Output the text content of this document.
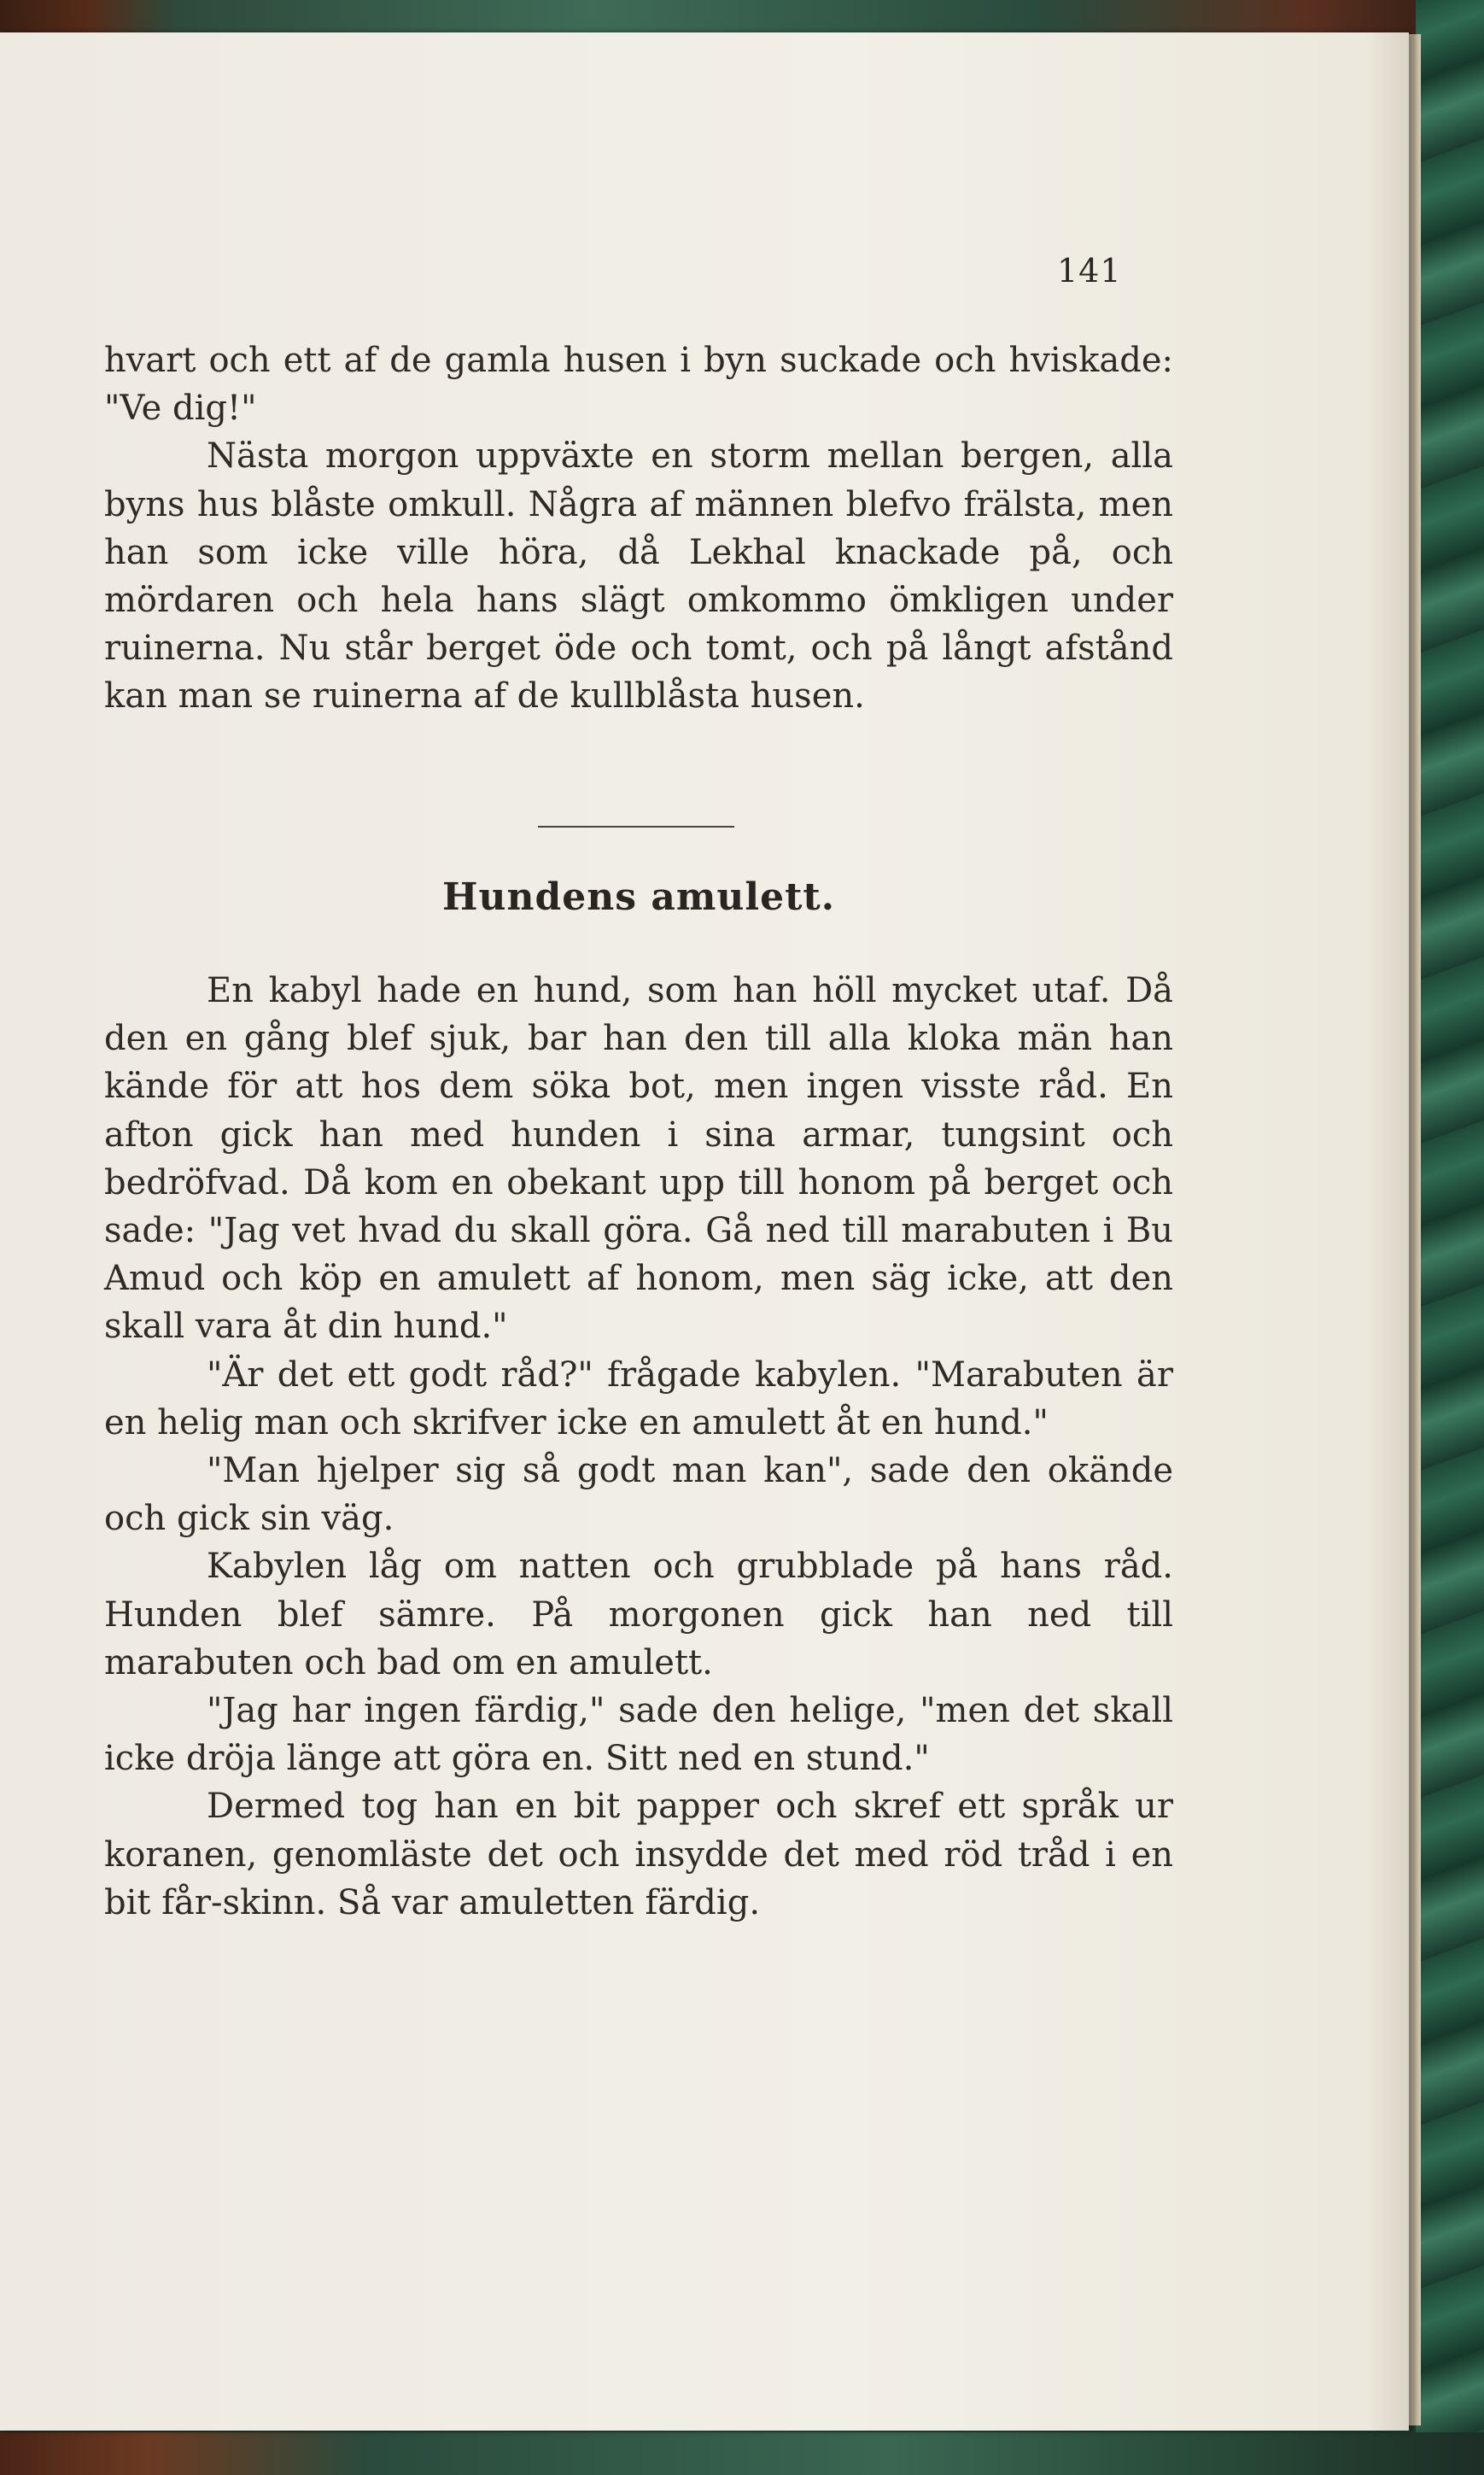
141

hvart och ett af de gamla husen i byn suckade och hviskade: "Ve dig!"

Nästa morgon uppväxte en storm mellan bergen, alla byns hus blåste omkull. Några af männen blefvo frälsta, men han som icke ville höra, då Lekhal knackade på, och mördaren och hela hans slägt omkommo ömkligen under ruinerna. Nu står berget öde och tomt, och på långt afstånd kan man se ruinerna af de kullblåsta husen.

Hundens amulett.

En kabyl hade en hund, som han höll mycket utaf. Då den en gång blef sjuk, bar han den till alla kloka män han kände för att hos dem söka bot, men ingen visste råd. En afton gick han med hunden i sina armar, tungsint och bedröfvad. Då kom en obekant upp till honom på berget och sade: "Jag vet hvad du skall göra. Gå ned till marabuten i Bu Amud och köp en amulett af honom, men säg icke, att den skall vara åt din hund."

"Är det ett godt råd?" frågade kabylen. "Marabuten är en helig man och skrifver icke en amulett åt en hund."

"Man hjelper sig så godt man kan", sade den okände och gick sin väg.

Kabylen låg om natten och grubblade på hans råd. Hunden blef sämre. På morgonen gick han ned till marabuten och bad om en amulett.

"Jag har ingen färdig," sade den helige, "men det skall icke dröja länge att göra en. Sitt ned en stund."

Dermed tog han en bit papper och skref ett språk ur koranen, genomläste det och insydde det med röd tråd i en bit får-skinn. Så var amuletten färdig.
